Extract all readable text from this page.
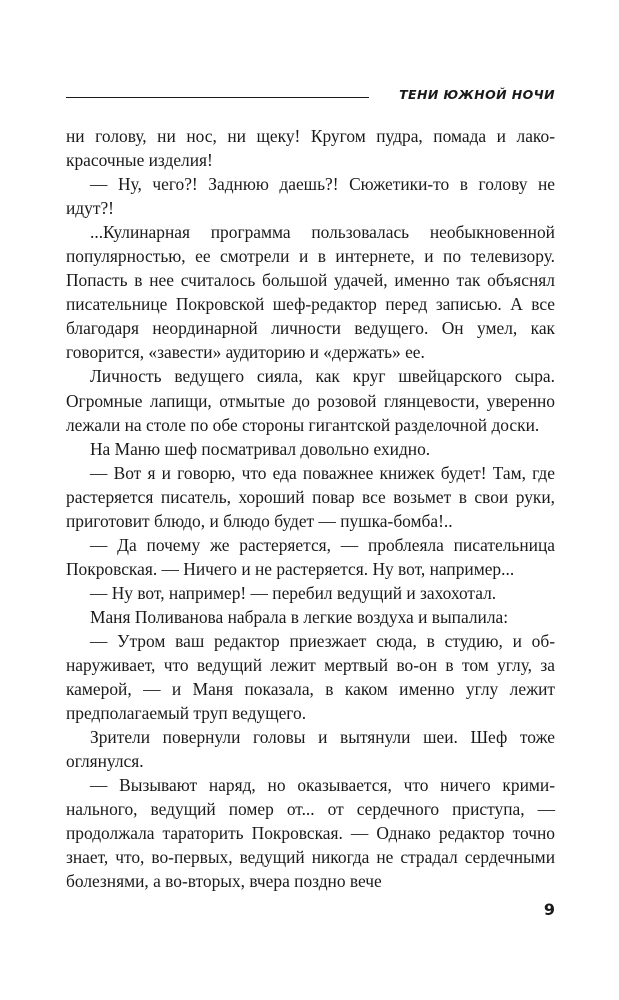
ТЕНИ ЮЖНОЙ НОЧИ

ни голову, ни нос, ни щеку! Кругом пудра, помада и лакокрасочные изделия!

— Ну, чего?! Заднюю даешь?! Сюжетики-то в голову не идут?!

...Кулинарная программа пользовалась необыкновенной популярностью, ее смотрели и в интернете, и по телевизору. Попасть в нее считалось большой удачей, именно так объяснял писательнице Покровской шеф-редактор перед записью. А все благодаря неординарной личности ведущего. Он умел, как говорится, «завести» аудиторию и «держать» ее.

Личность ведущего сияла, как круг швейцарского сыра. Огромные лапищи, отмытые до розовой глянцевости, уверенно лежали на столе по обе стороны гигантской разделочной доски.

На Маню шеф посматривал довольно ехидно.

— Вот я и говорю, что еда поважнее книжек будет! Там, где растеряется писатель, хороший повар все возьмет в свои руки, приготовит блюдо, и блюдо будет — пушка-бомба!..

— Да почему же растеряется, — проблеяла писательница Покровская. — Ничего и не растеряется. Ну вот, например...

— Ну вот, например! — перебил ведущий и захохотал.

Маня Поливанова набрала в легкие воздуха и выпалила:

— Утром ваш редактор приезжает сюда, в студию, и обнаруживает, что ведущий лежит мертвый во-он в том углу, за камерой, — и Маня показала, в каком именно углу лежит предполагаемый труп ведущего.

Зрители повернули головы и вытянули шеи. Шеф тоже оглянулся.

— Вызывают наряд, но оказывается, что ничего криминального, ведущий помер от... от сердечного приступа, — продолжала тараторить Покровская. — Однако редактор точно знает, что, во-первых, ведущий никогда не страдал сердечными болезнями, а во-вторых, вчера поздно вече

9
